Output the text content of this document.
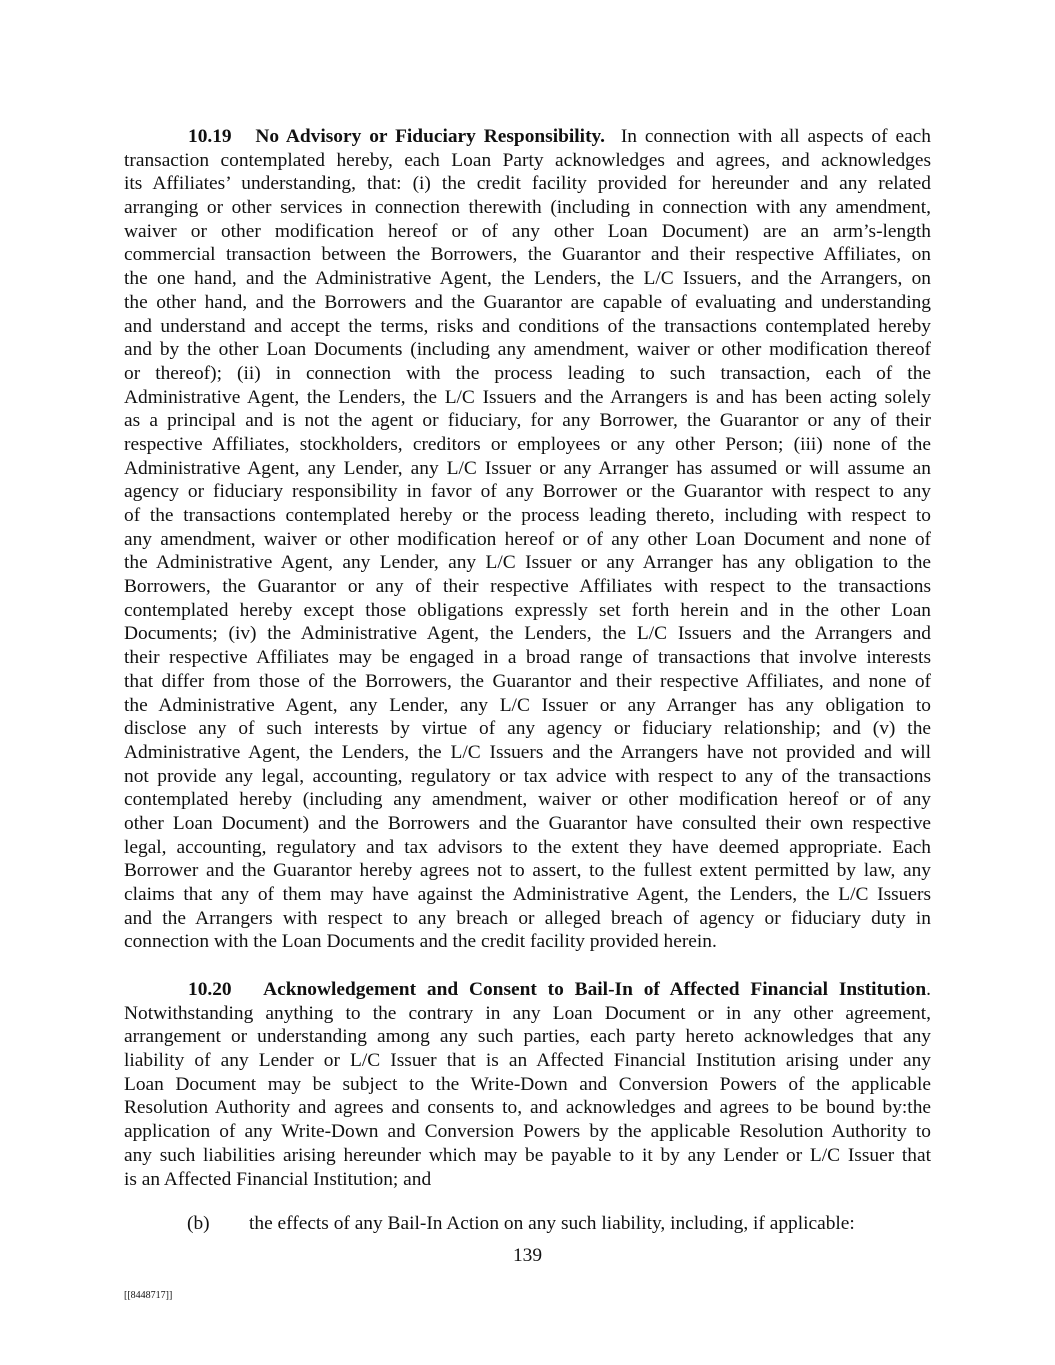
10.19 No Advisory or Fiduciary Responsibility. In connection with all aspects of each
transaction contemplated hereby, each Loan Party acknowledges and agrees, and acknowledges
its Affiliates’ understanding, that: (i) the credit facility provided for hereunder and any related
arranging or other services in connection therewith (including in connection with any amendment,
waiver or other modification hereof or of any other Loan Document) are an arm’s-length
commercial transaction between the Borrowers, the Guarantor and their respective Affiliates, on
the one hand, and the Administrative Agent, the Lenders, the L/C Issuers, and the Arrangers, on
the other hand, and the Borrowers and the Guarantor are capable of evaluating and understanding
and understand and accept the terms, risks and conditions of the transactions contemplated hereby
and by the other Loan Documents (including any amendment, waiver or other modification thereof
or thereof); (ii) in connection with the process leading to such transaction, each of the
Administrative Agent, the Lenders, the L/C Issuers and the Arrangers is and has been acting solely
as a principal and is not the agent or fiduciary, for any Borrower, the Guarantor or any of their
respective Affiliates, stockholders, creditors or employees or any other Person; (iii) none of the
Administrative Agent, any Lender, any L/C Issuer or any Arranger has assumed or will assume an
agency or fiduciary responsibility in favor of any Borrower or the Guarantor with respect to any
of the transactions contemplated hereby or the process leading thereto, including with respect to
any amendment, waiver or other modification hereof or of any other Loan Document and none of
the Administrative Agent, any Lender, any L/C Issuer or any Arranger has any obligation to the
Borrowers, the Guarantor or any of their respective Affiliates with respect to the transactions
contemplated hereby except those obligations expressly set forth herein and in the other Loan
Documents; (iv) the Administrative Agent, the Lenders, the L/C Issuers and the Arrangers and
their respective Affiliates may be engaged in a broad range of transactions that involve interests
that differ from those of the Borrowers, the Guarantor and their respective Affiliates, and none of
the Administrative Agent, any Lender, any L/C Issuer or any Arranger has any obligation to
disclose any of such interests by virtue of any agency or fiduciary relationship; and (v) the
Administrative Agent, the Lenders, the L/C Issuers and the Arrangers have not provided and will
not provide any legal, accounting, regulatory or tax advice with respect to any of the transactions
contemplated hereby (including any amendment, waiver or other modification hereof or of any
other Loan Document) and the Borrowers and the Guarantor have consulted their own respective
legal, accounting, regulatory and tax advisors to the extent they have deemed appropriate. Each
Borrower and the Guarantor hereby agrees not to assert, to the fullest extent permitted by law, any
claims that any of them may have against the Administrative Agent, the Lenders, the L/C Issuers
and the Arrangers with respect to any breach or alleged breach of agency or fiduciary duty in
connection with the Loan Documents and the credit facility provided herein.
10.20 Acknowledgement and Consent to Bail-In of Affected Financial Institution.
Notwithstanding anything to the contrary in any Loan Document or in any other agreement,
arrangement or understanding among any such parties, each party hereto acknowledges that any
liability of any Lender or L/C Issuer that is an Affected Financial Institution arising under any
Loan Document may be subject to the Write-Down and Conversion Powers of the applicable
Resolution Authority and agrees and consents to, and acknowledges and agrees to be bound by:the
application of any Write-Down and Conversion Powers by the applicable Resolution Authority to
any such liabilities arising hereunder which may be payable to it by any Lender or L/C Issuer that
is an Affected Financial Institution; and
(b) the effects of any Bail-In Action on any such liability, including, if applicable:
139
[[8448717]]
